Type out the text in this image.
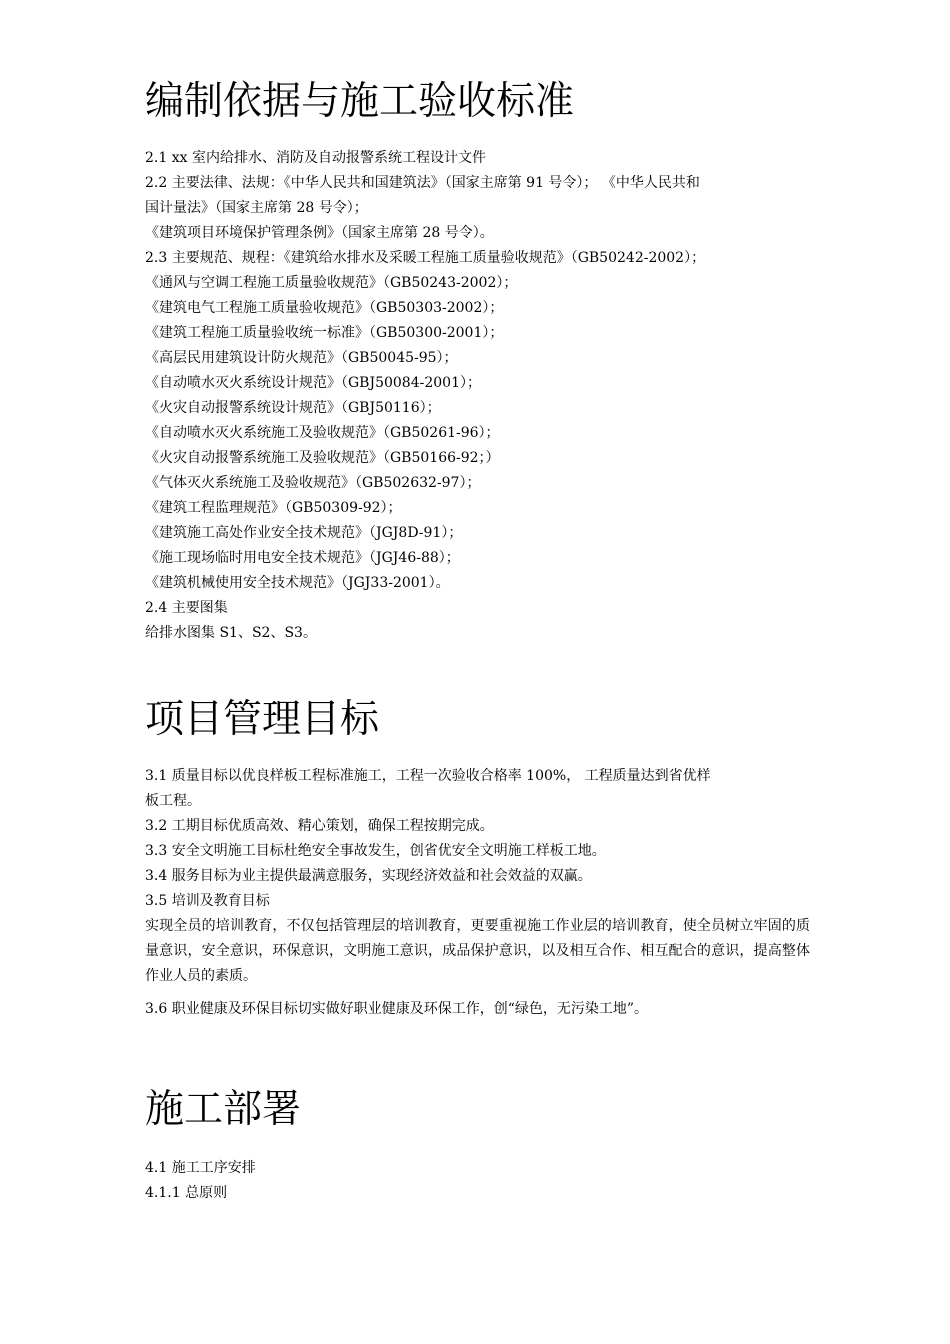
编制依据与施工验收标准
2.1 xx 室内给排水、消防及自动报警系统工程设计文件
2.2 主要法律、法规：《中华人民共和国建筑法》（国家主席第 91 号令）； 《中华人民共和
国计量法》（国家主席第 28 号令）；
《建筑项目环境保护管理条例》（国家主席第 28 号令）。
2.3 主要规范、规程：《建筑给水排水及采暖工程施工质量验收规范》（GB50242-2002）；
《通风与空调工程施工质量验收规范》（GB50243-2002）；
《建筑电气工程施工质量验收规范》（GB50303-2002）；
《建筑工程施工质量验收统一标准》（GB50300-2001）；
《高层民用建筑设计防火规范》（GB50045-95）；
《自动喷水灭火系统设计规范》（GBJ50084-2001）；
《火灾自动报警系统设计规范》（GBJ50116）；
《自动喷水灭火系统施工及验收规范》（GB50261-96）；
《火灾自动报警系统施工及验收规范》（GB50166-92；）
《气体灭火系统施工及验收规范》（GB502632-97）；
《建筑工程监理规范》（GB50309-92）；
《建筑施工高处作业安全技术规范》（JGJ8D-91）；
《施工现场临时用电安全技术规范》（JGJ46-88）；
《建筑机械使用安全技术规范》（JGJ33-2001）。
2.4 主要图集
给排水图集 S1、S2、S3。
项目管理目标
3.1 质量目标以优良样板工程标准施工，工程一次验收合格率 100%， 工程质量达到省优样
板工程。
3.2 工期目标优质高效、精心策划，确保工程按期完成。
3.3 安全文明施工目标杜绝安全事故发生，创省优安全文明施工样板工地。
3.4 服务目标为业主提供最满意服务，实现经济效益和社会效益的双赢。
3.5 培训及教育目标
实现全员的培训教育，不仅包括管理层的培训教育，更要重视施工作业层的培训教育，使全员树立牢固的质量意识，安全意识，环保意识，文明施工意识，成品保护意识，以及相互合作、相互配合的意识，提高整体作业人员的素质。
3.6 职业健康及环保目标切实做好职业健康及环保工作，创“绿色，无污染工地”。
施工部署
4.1 施工工序安排
4.1.1 总原则
